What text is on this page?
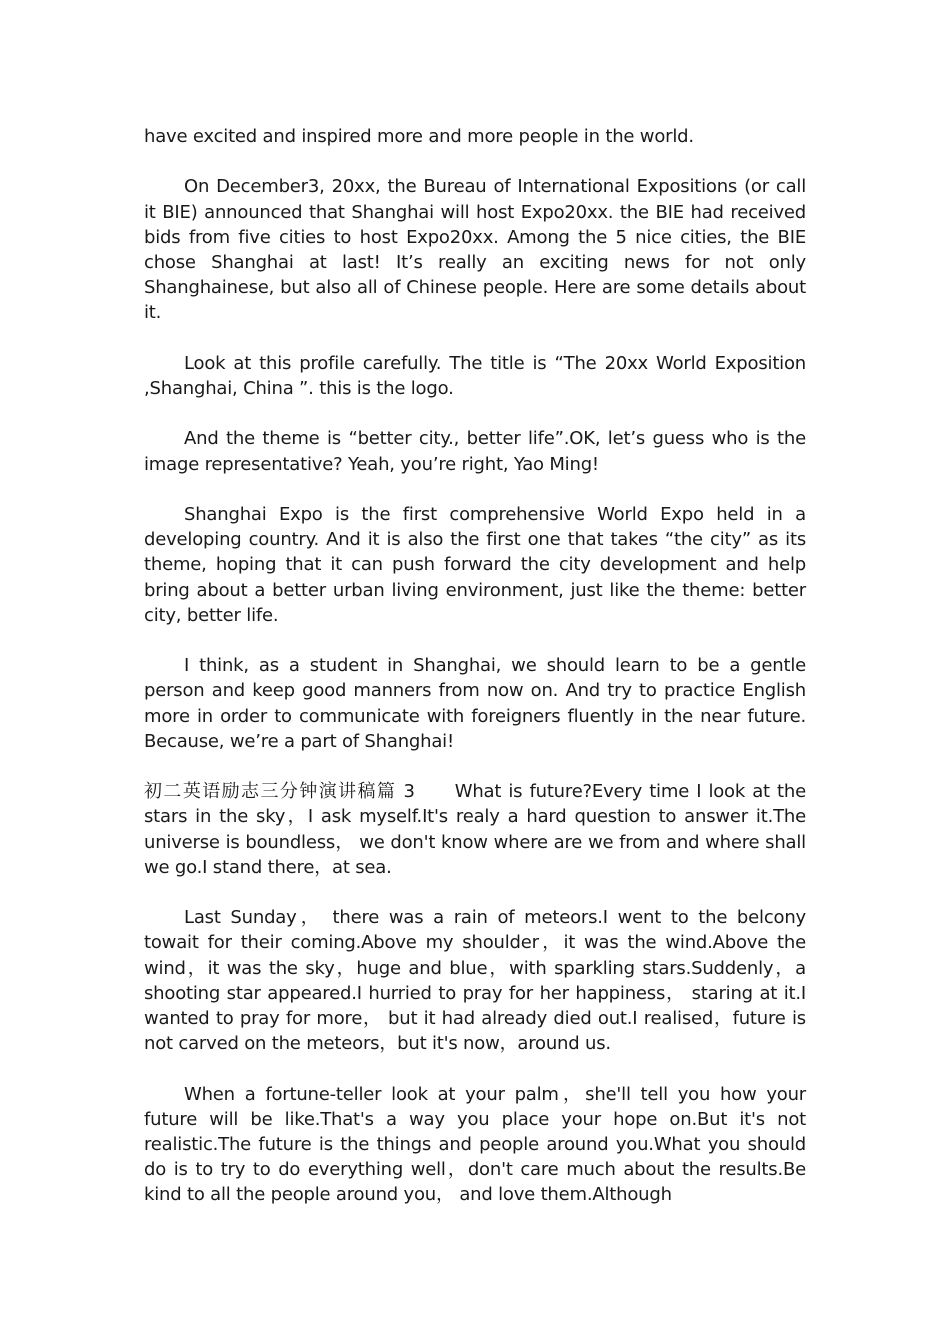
have excited and inspired more and more people in the world.

On December3, 20xx, the Bureau of International Expositions (or call it BIE) announced that Shanghai will host Expo20xx. the BIE had received bids from five cities to host Expo20xx. Among the 5 nice cities, the BIE chose Shanghai at last! It’s really an exciting news for not only Shanghainese, but also all of Chinese people. Here are some details about it.

Look at this profile carefully. The title is “The 20xx World Exposition ,Shanghai, China ”. this is the logo.

And the theme is “better city., better life”.OK, let’s guess who is the image representative? Yeah, you’re right, Yao Ming!

Shanghai Expo is the first comprehensive World Expo held in a developing country. And it is also the first one that takes “the city” as its theme, hoping that it can push forward the city development and help bring about a better urban living environment, just like the theme: better city, better life.

I think, as a student in Shanghai, we should learn to be a gentle person and keep good manners from now on. And try to practice English more in order to communicate with foreigners fluently in the near future. Because, we’re a part of Shanghai!

初二英语励志三分钟演讲稿篇 3 What is future?Every time I look at the stars in the sky，I ask myself.It's realy a hard question to answer it.The universe is boundless， we don't know where are we from and where shall we go.I stand there，at sea.

Last Sunday， there was a rain of meteors.I went to the belcony towait for their coming.Above my shoulder，it was the wind.Above the wind，it was the sky，huge and blue，with sparkling stars.Suddenly，a shooting star appeared.I hurried to pray for her happiness， staring at it.I wanted to pray for more， but it had already died out.I realised，future is not carved on the meteors，but it's now，around us.

When a fortune-teller look at your palm，she'll tell you how your future will be like.That's a way you place your hope on.But it's not realistic.The future is the things and people around you.What you should do is to try to do everything well，don't care much about the results.Be kind to all the people around you， and love them.Although
